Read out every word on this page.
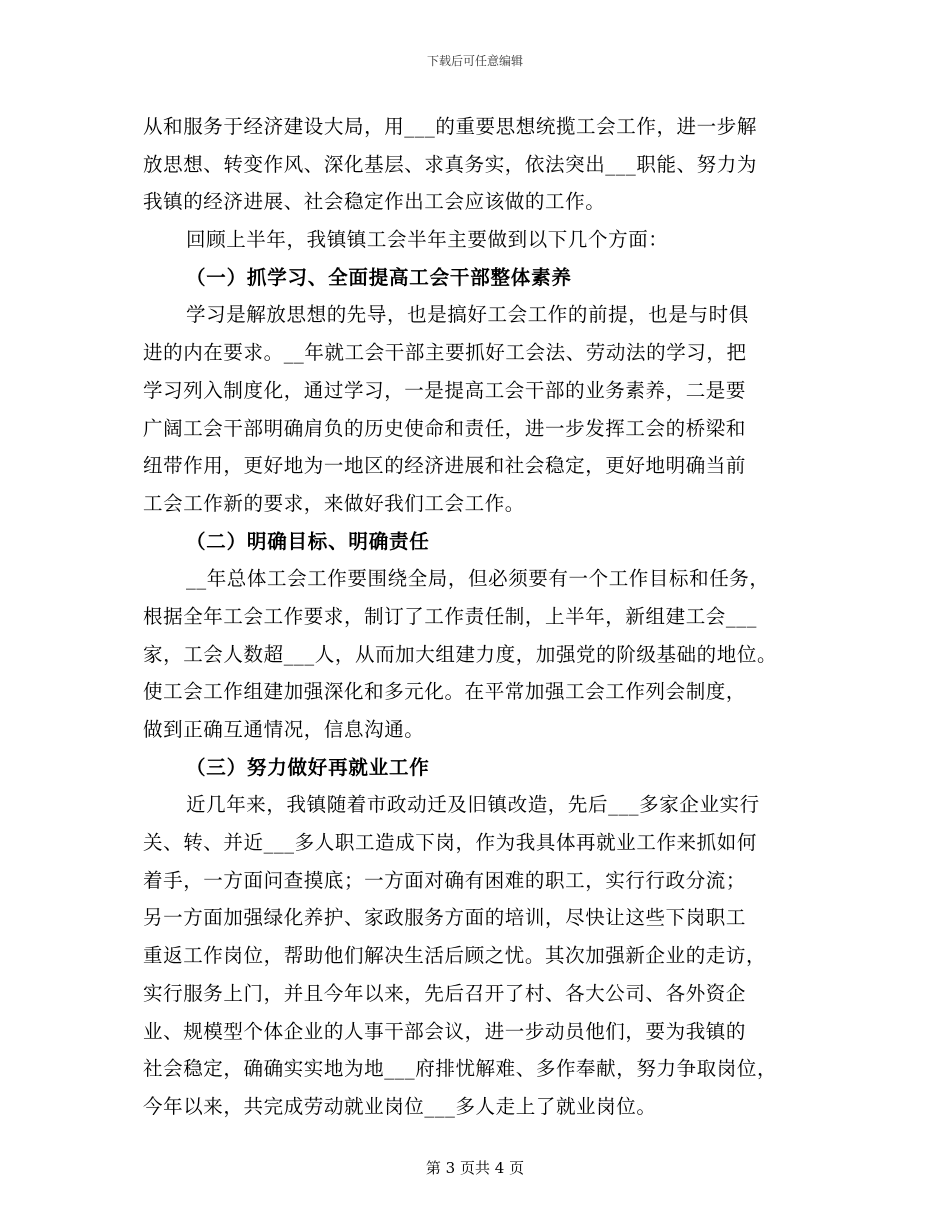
下载后可任意编辑
从和服务于经济建设大局，用___的重要思想统揽工会工作，进一步解
放思想、转变作风、深化基层、求真务实，依法突出___职能、努力为
我镇的经济进展、社会稳定作出工会应该做的工作。
回顾上半年，我镇镇工会半年主要做到以下几个方面：
（一）抓学习、全面提高工会干部整体素养
学习是解放思想的先导，也是搞好工会工作的前提，也是与时俱
进的内在要求。__年就工会干部主要抓好工会法、劳动法的学习，把
学习列入制度化，通过学习，一是提高工会干部的业务素养，二是要
广阔工会干部明确肩负的历史使命和责任，进一步发挥工会的桥梁和
纽带作用，更好地为一地区的经济进展和社会稳定，更好地明确当前
工会工作新的要求，来做好我们工会工作。
（二）明确目标、明确责任
__年总体工会工作要围绕全局，但必须要有一个工作目标和任务，
根据全年工会工作要求，制订了工作责任制，上半年，新组建工会___
家，工会人数超___人，从而加大组建力度，加强党的阶级基础的地位。
使工会工作组建加强深化和多元化。在平常加强工会工作列会制度，
做到正确互通情况，信息沟通。
（三）努力做好再就业工作
近几年来，我镇随着市政动迁及旧镇改造，先后___多家企业实行
关、转、并近___多人职工造成下岗，作为我具体再就业工作来抓如何
着手，一方面问查摸底；一方面对确有困难的职工，实行行政分流；
另一方面加强绿化养护、家政服务方面的培训，尽快让这些下岗职工
重返工作岗位，帮助他们解决生活后顾之忧。其次加强新企业的走访，
实行服务上门，并且今年以来，先后召开了村、各大公司、各外资企
业、规模型个体企业的人事干部会议，进一步动员他们，要为我镇的
社会稳定，确确实实地为地___府排忧解难、多作奉献，努力争取岗位，
今年以来，共完成劳动就业岗位___多人走上了就业岗位。
第 3 页共 4 页
